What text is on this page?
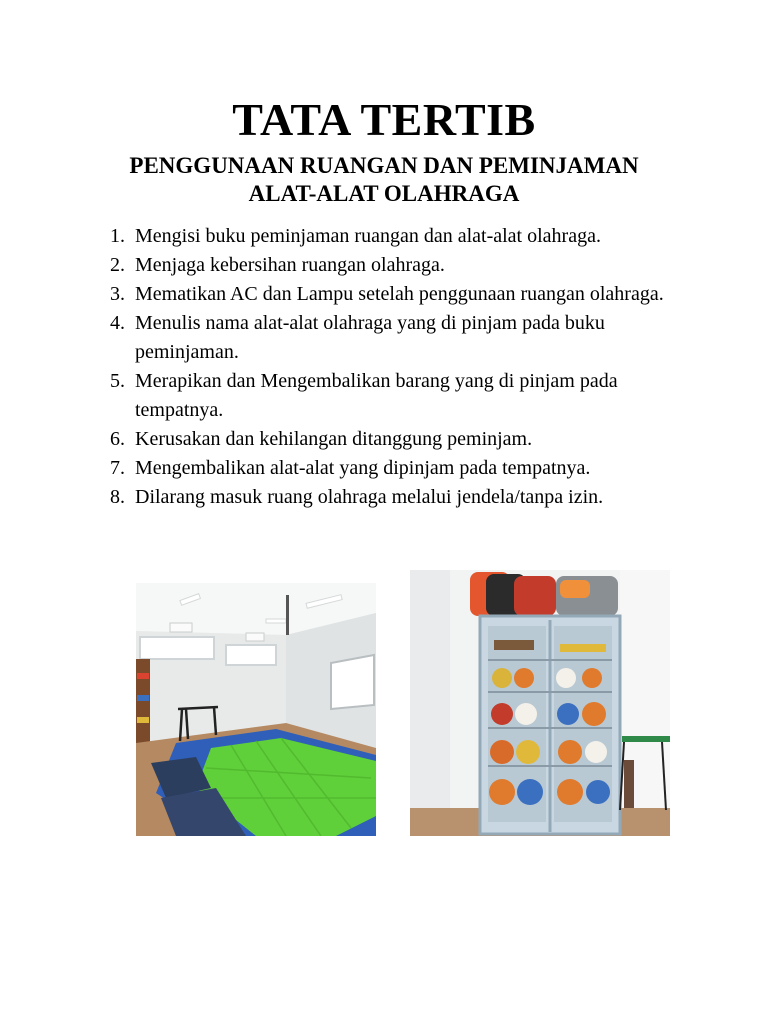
TATA TERTIB
PENGGUNAAN RUANGAN DAN PEMINJAMAN
ALAT-ALAT OLAHRAGA
1. Mengisi buku peminjaman ruangan dan alat-alat olahraga.
2. Menjaga kebersihan ruangan olahraga.
3. Mematikan AC dan Lampu setelah penggunaan ruangan olahraga.
4. Menulis nama alat-alat olahraga yang di pinjam pada buku peminjaman.
5. Merapikan dan Mengembalikan barang yang di pinjam pada tempatnya.
6. Kerusakan dan kehilangan ditanggung peminjam.
7. Mengembalikan alat-alat yang dipinjam pada tempatnya.
8. Dilarang masuk ruang olahraga melalui jendela/tanpa izin.
